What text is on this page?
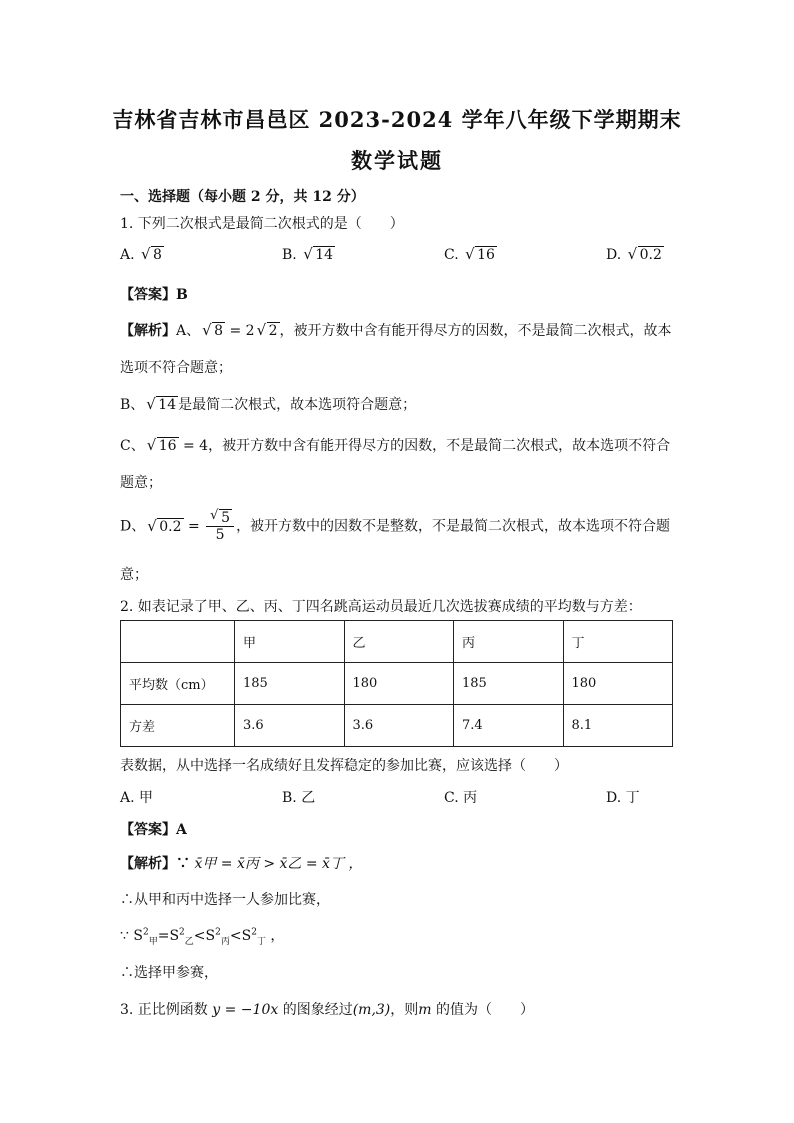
吉林省吉林市昌邑区 2023-2024 学年八年级下学期期末
数学试题
一、选择题（每小题 2 分，共 12 分）
1. 下列二次根式是最简二次根式的是（　　）
A. √ 8	B. √ 14	C. √ 16	D. √ 0.2
【答案】B
【解析】A、 √ 8 = 2 √ 2 ，被开方数中含有能开得尽方的因数，不是最简二次根式，故本
选项不符合题意；
B、 √ 14 是最简二次根式，故本选项符合题意；
C、 √ 16 = 4，被开方数中含有能开得尽方的因数，不是最简二次根式，故本选项不符合
题意；
D、 √ $0.2 = \frac{√ 5}{5}$ ，被开方数中的因数不是整数，不是最简二次根式，故本选项不符合题
意；
2. 如表记录了甲、乙、丙、丁四名跳高运动员最近几次选拔赛成绩的平均数与方差：
	甲	乙	丙	丁
平均数（cm）	185	180	185	180
方差	3.6	3.6	7.4	8.1
表数据，从中选择一名成绩好且发挥稳定的参加比赛，应该选择（　　）
A. 甲	B. 乙	C. 丙	D. 丁
【答案】A
【解析】∵ x̄甲 = x̄丙 > x̄乙 = x̄丁 ，
∴从甲和丙中选择一人参加比赛，
∵ $S^2_甲=S^2_乙<S^2_丙<S^2_丁$ ，
∴选择甲参赛，
3. 正比例函数 y = −10x 的图象经过(m,3)，则m 的值为（　　）
